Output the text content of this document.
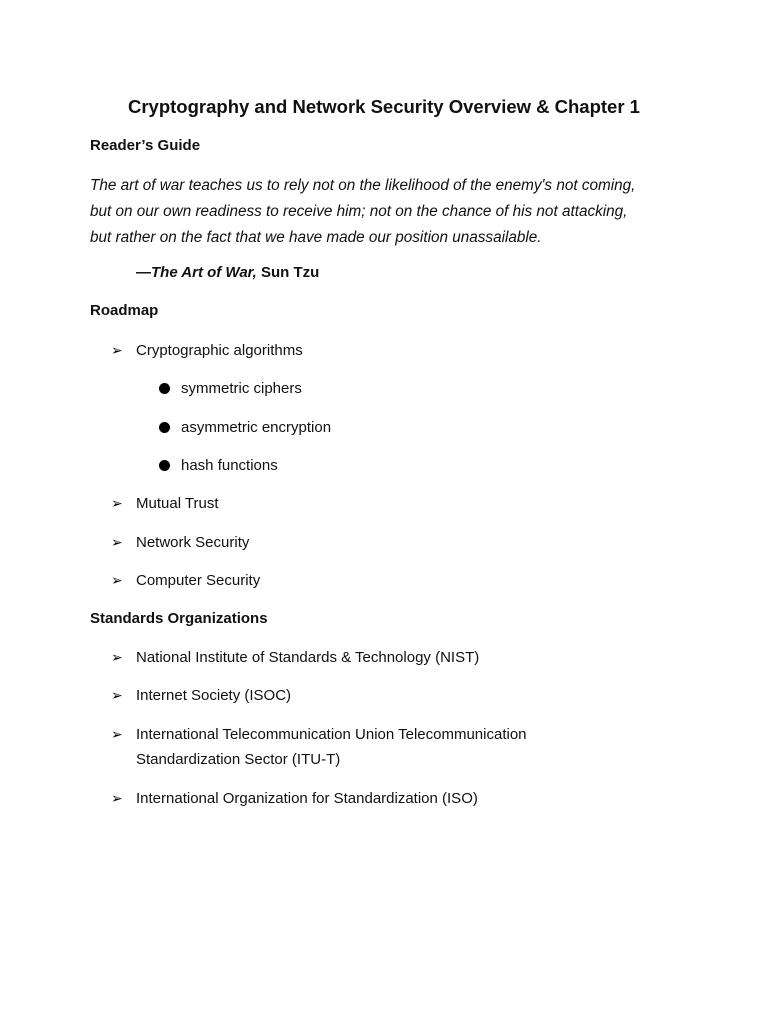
Cryptography and Network Security Overview & Chapter 1
Reader’s Guide
The art of war teaches us to rely not on the likelihood of the enemy's not coming,
but on our own readiness to receive him; not on the chance of his not attacking,
but rather on the fact that we have made our position unassailable.
—The Art of War, Sun Tzu
Roadmap
➢ Cryptographic algorithms
symmetric ciphers
asymmetric encryption
hash functions
➢ Mutual Trust
➢ Network Security
➢ Computer Security
Standards Organizations
➢ National Institute of Standards & Technology (NIST)
➢ Internet Society (ISOC)
➢ International Telecommunication Union Telecommunication
Standardization Sector (ITU-T)
➢ International Organization for Standardization (ISO)
